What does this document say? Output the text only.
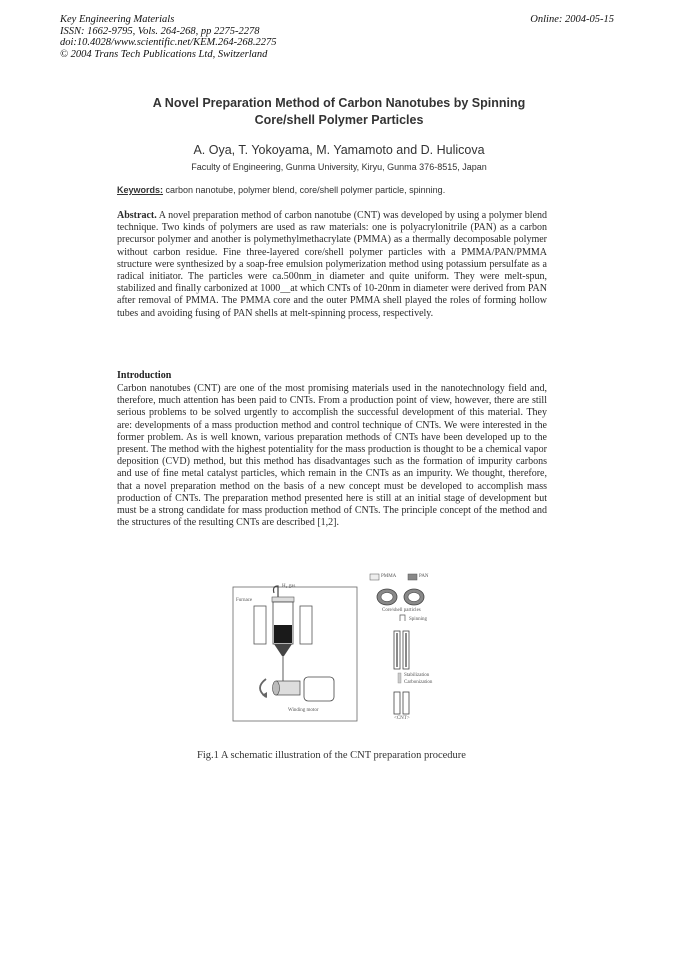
Key Engineering Materials
ISSN: 1662-9795, Vols. 264-268, pp 2275-2278
doi:10.4028/www.scientific.net/KEM.264-268.2275
© 2004 Trans Tech Publications Ltd, Switzerland
Online: 2004-05-15
A Novel Preparation Method of Carbon Nanotubes by Spinning
Core/shell Polymer Particles
A. Oya, T. Yokoyama, M. Yamamoto and D. Hulicova
Faculty of Engineering, Gunma University, Kiryu, Gunma 376-8515, Japan
Keywords: carbon nanotube, polymer blend, core/shell polymer particle, spinning.
Abstract. A novel preparation method of carbon nanotube (CNT) was developed by using a polymer blend technique. Two kinds of polymers are used as raw materials: one is polyacrylonitrile (PAN) as a carbon precursor polymer and another is polymethylmethacrylate (PMMA) as a thermally decomposable polymer without carbon residue. Fine three-layered core/shell polymer particles with a PMMA/PAN/PMMA structure were synthesized by a soap-free emulsion polymerization method using potassium persulfate as a radical initiator. The particles were ca.500nm_in diameter and quite uniform. They were melt-spun, stabilized and finally carbonized at 1000__at which CNTs of 10-20nm in diameter were derived from PAN after removal of PMMA. The PMMA core and the outer PMMA shell played the roles of forming hollow tubes and avoiding fusing of PAN shells at melt-spinning process, respectively.
Introduction
Carbon nanotubes (CNT) are one of the most promising materials used in the nanotechnology field and, therefore, much attention has been paid to CNTs. From a production point of view, however, there are still serious problems to be solved urgently to accomplish the successful development of this material. They are: developments of a mass production method and control technique of CNTs. We were interested in the former problem. As is well known, various preparation methods of CNTs have been developed up to the present. The method with the highest potentiality for the mass production is thought to be a chemical vapor deposition (CVD) method, but this method has disadvantages such as the formation of impurity carbons and use of fine metal catalyst particles, which remain in the CNTs as an impurity. We thought, therefore, that a novel preparation method on the basis of a new concept must be developed to accomplish mass production of CNTs. The preparation method presented here is still at an initial stage of development but must be a strong candidate for mass production method of CNTs. The principle concept of the method and the structures of the resulting CNTs are described [1,2].
PMMA	PAN
H₂ gas
Furnace
Core/shell particles
Spinning
Stabilization
Carbonization
Winding motor
<CNT>
Fig.1 A schematic illustration of the CNT preparation procedure
